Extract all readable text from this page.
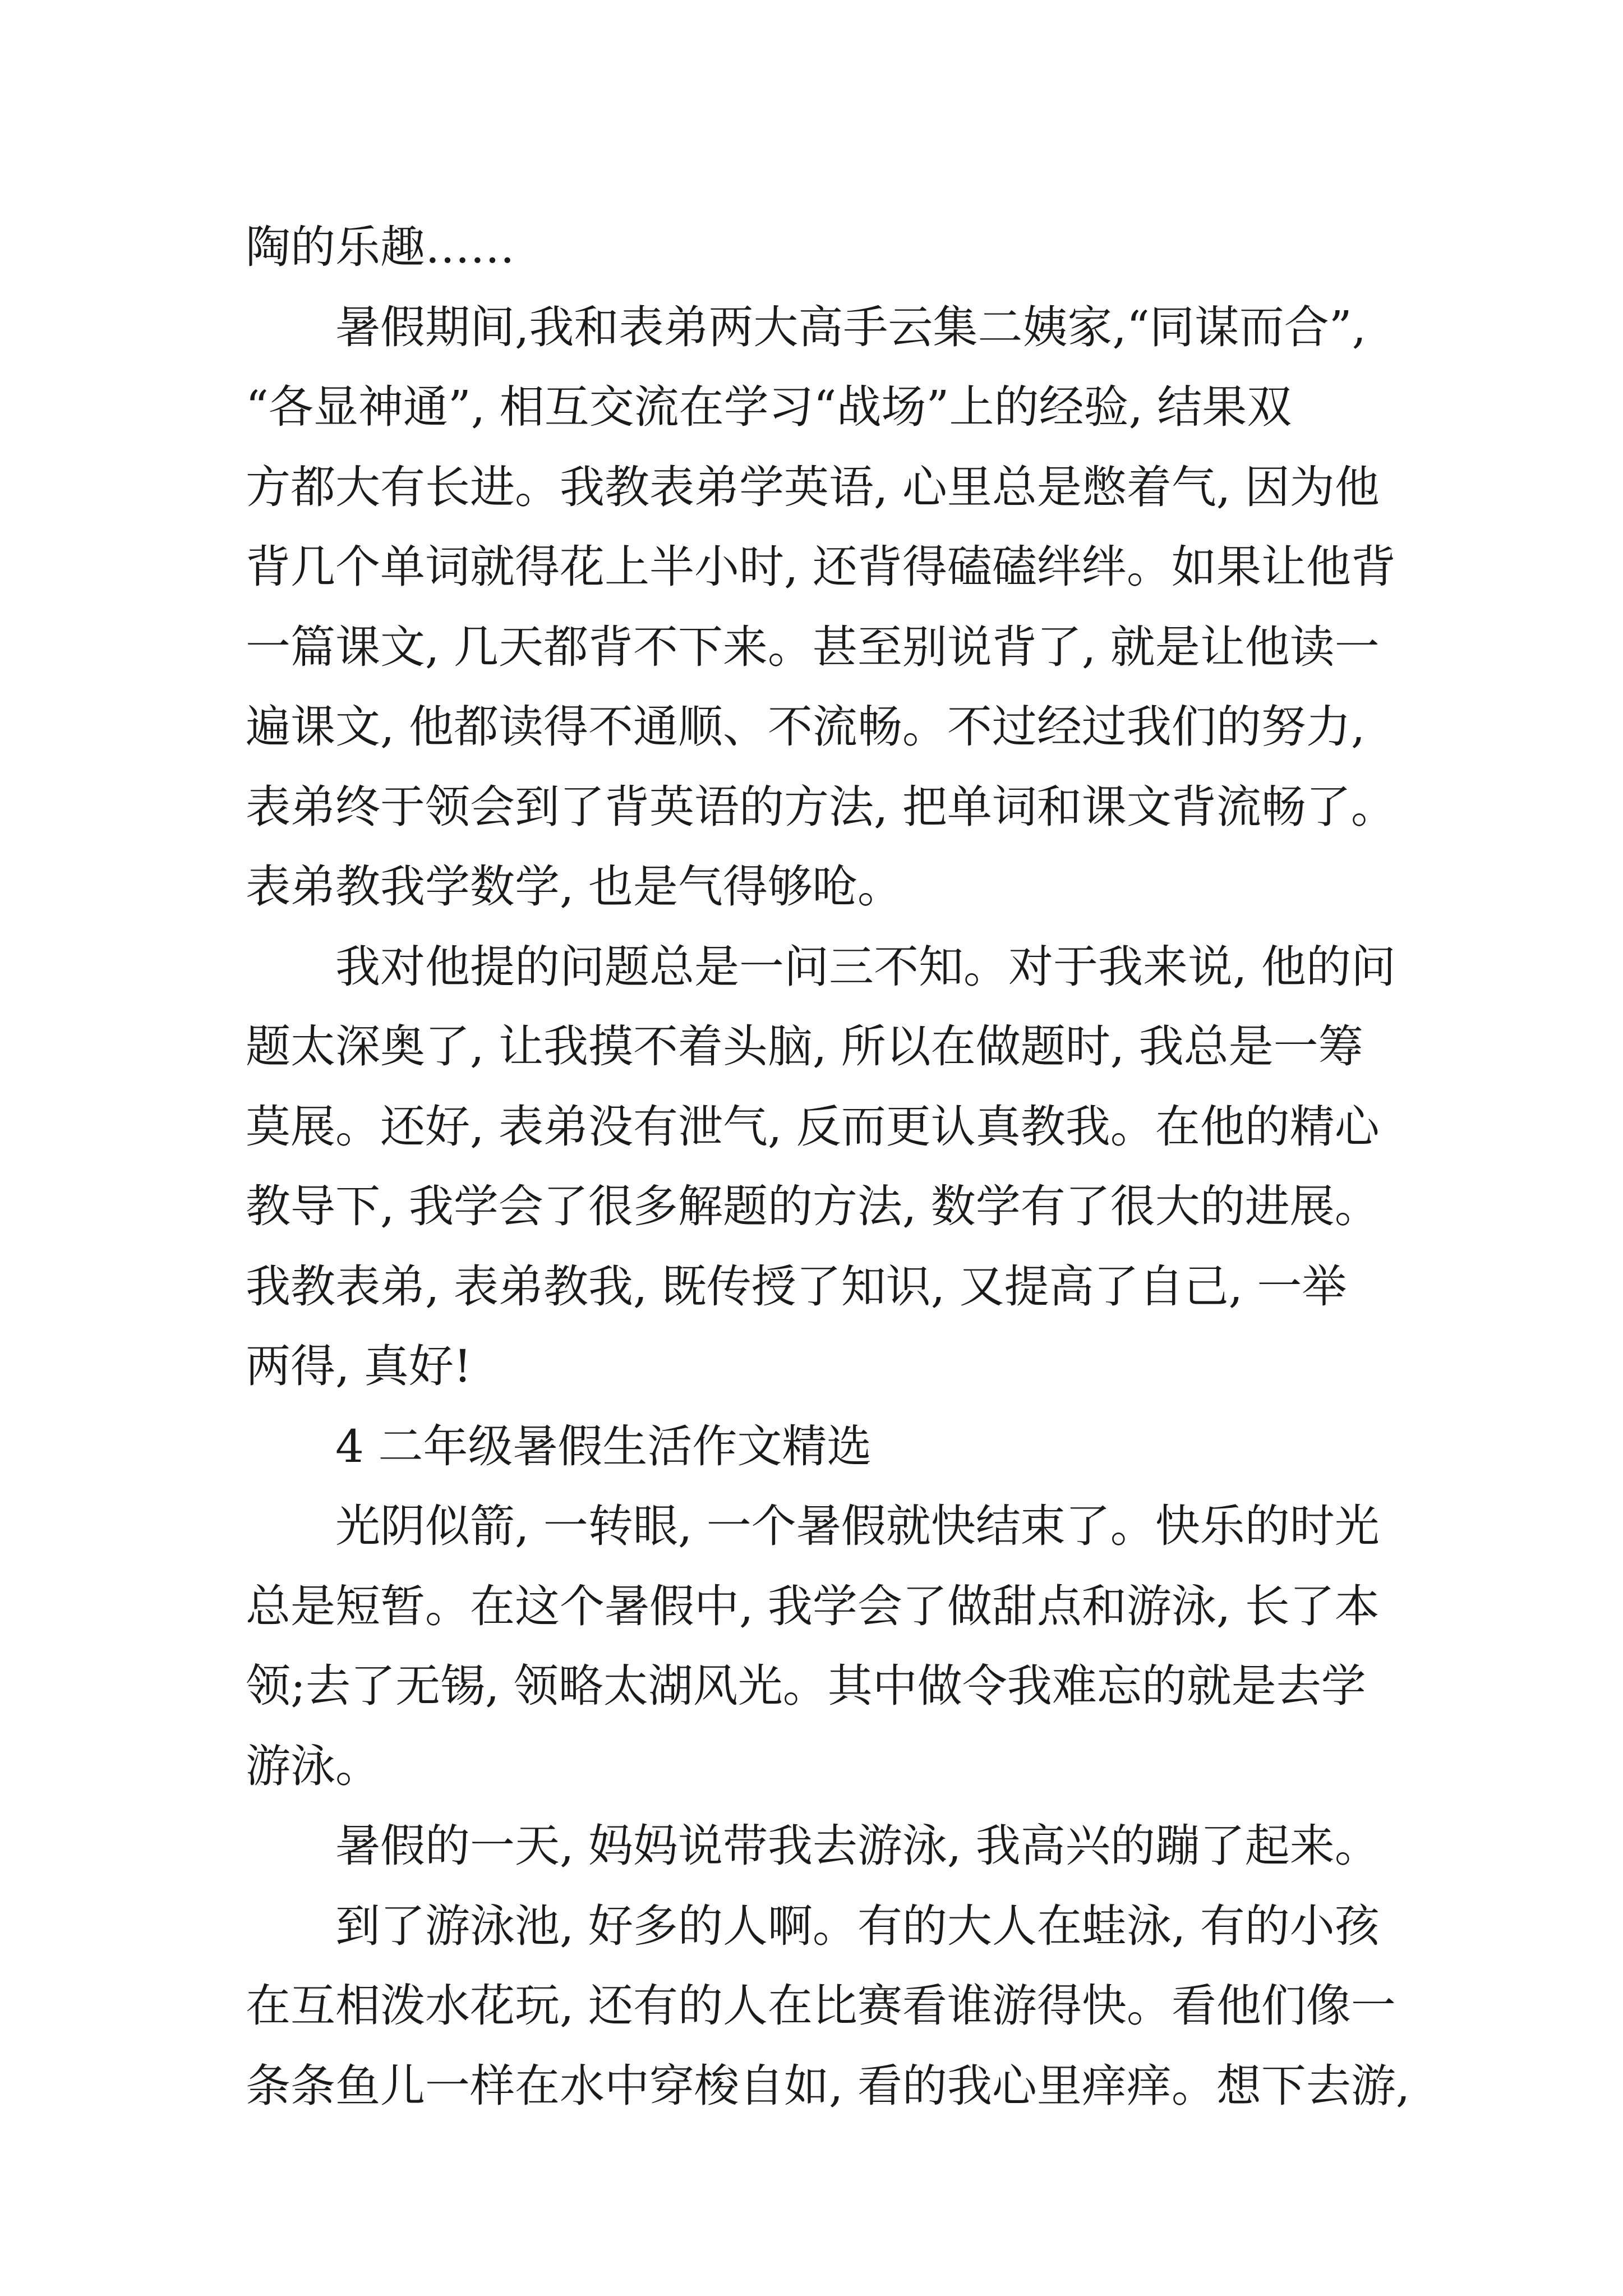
陶的乐趣……
暑假期间,我和表弟两大高手云集二姨家,“同谋而合”,
“各显神通”, 相互交流在学习“战场”上的经验, 结果双
方都大有长进。我教表弟学英语, 心里总是憋着气, 因为他
背几个单词就得花上半小时, 还背得磕磕绊绊。如果让他背
一篇课文, 几天都背不下来。甚至别说背了, 就是让他读一
遍课文, 他都读得不通顺、不流畅。不过经过我们的努力,
表弟终于领会到了背英语的方法, 把单词和课文背流畅了。
表弟教我学数学, 也是气得够呛。
我对他提的问题总是一问三不知。对于我来说, 他的问
题太深奥了, 让我摸不着头脑, 所以在做题时, 我总是一筹
莫展。还好, 表弟没有泄气, 反而更认真教我。在他的精心
教导下, 我学会了很多解题的方法, 数学有了很大的进展。
我教表弟, 表弟教我, 既传授了知识, 又提高了自己, 一举
两得, 真好!
4 二年级暑假生活作文精选
光阴似箭, 一转眼, 一个暑假就快结束了。快乐的时光
总是短暂。在这个暑假中, 我学会了做甜点和游泳, 长了本
领;去了无锡, 领略太湖风光。其中做令我难忘的就是去学
游泳。
暑假的一天, 妈妈说带我去游泳, 我高兴的蹦了起来。
到了游泳池, 好多的人啊。有的大人在蛙泳, 有的小孩
在互相泼水花玩, 还有的人在比赛看谁游得快。看他们像一
条条鱼儿一样在水中穿梭自如, 看的我心里痒痒。想下去游,
